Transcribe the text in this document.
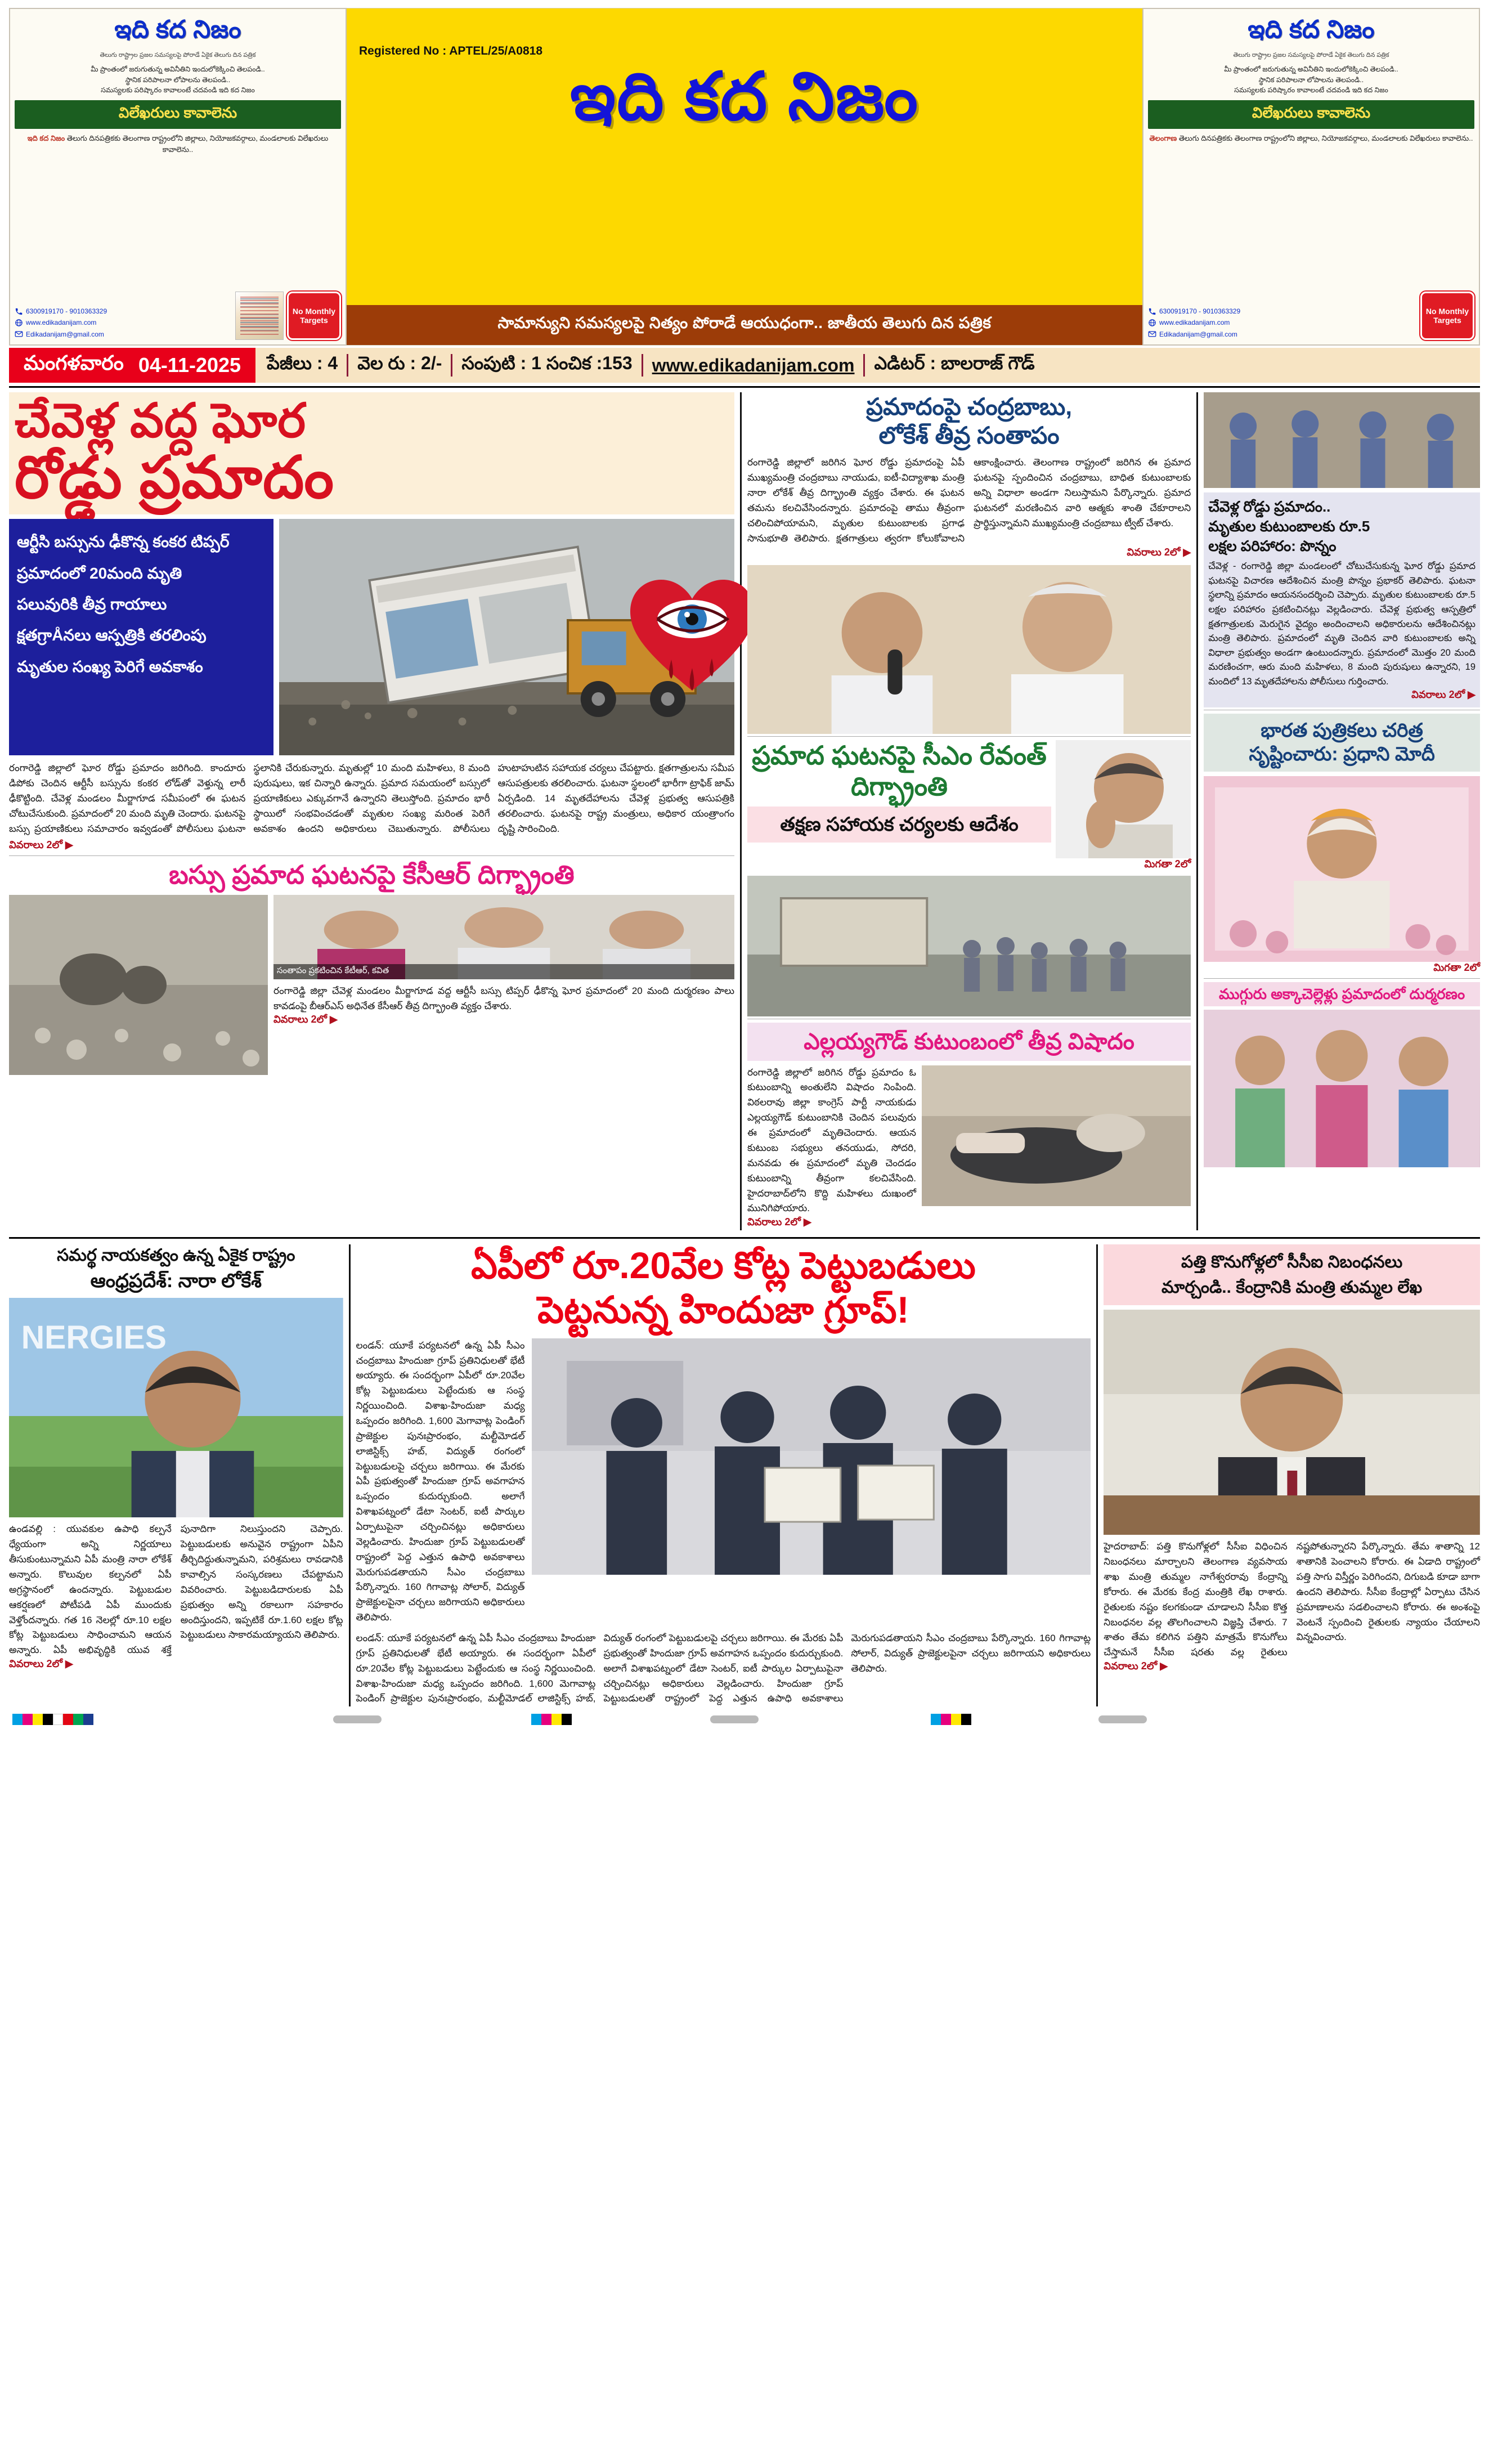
ఇది కద నిజం
తెలుగు రాష్ట్రాల ప్రజల సమస్యలపై పోరాడే ఏకైక తెలుగు దిన పత్రిక
మీ ప్రాంతంలో జరుగుతున్న అవినీతిని ఇందులోకెక్కించి తెలపండి..
స్థానిక పరిపాలనా లోపాలను తెలపండి..
సమస్యలకు పరిష్కారం కావాలంటే చదవండి ఇది కద నిజం
విలేఖరులు కావాలెను
ఇది కద నిజం తెలుగు దినపత్రికకు తెలంగాణ రాష్ట్రంలోని జిల్లాలు, నియోజకవర్గాలు, మండలాలకు విలేఖరులు కావాలెను..
6300919170 - 9010363329
www.edikadanijam.com
Edikadanijam@gmail.com
No Monthly Targets
Registered No : APTEL/25/A0818
ఇది కద నిజం
సామాన్యుని సమస్యలపై నిత్యం పోరాడే ఆయుధంగా.. జాతీయ తెలుగు దిన పత్రిక
ఇది కద నిజం
తెలుగు రాష్ట్రాల ప్రజల సమస్యలపై పోరాడే ఏకైక తెలుగు దిన పత్రిక
మీ ప్రాంతంలో జరుగుతున్న అవినీతిని ఇందులోకెక్కించి తెలపండి..
స్థానిక పరిపాలనా లోపాలను తెలపండి..
సమస్యలకు పరిష్కారం కావాలంటే చదవండి ఇది కద నిజం
విలేఖరులు కావాలెను
తెలంగాణ తెలుగు దినపత్రికకు తెలంగాణ రాష్ట్రంలోని జిల్లాలు, నియోజకవర్గాలు, మండలాలకు విలేఖరులు కావాలెను..
6300919170 - 9010363329
www.edikadanijam.com
Edikadanijam@gmail.com
No Monthly Targets
మంగళవారం 04-11-2025 పేజీలు : 4 వెల రు : 2/- సంపుటి : 1 సంచిక :153 www.edikadanijam.com ఎడిటర్ : బాలరాజ్ గౌడ్
చేవెళ్ల వద్ద ఘోర
రోడ్డు ప్రమాదం
ఆర్టీసి బస్సును ఢీకొన్న కంకర టిప్పర్
ప్రమాదంలో 20మంది మృతి
పలువురికి తీవ్ర గాయాలు
క్షతగ్రాÅనలు ఆస్పత్రికి తరలింపు
మృతుల సంఖ్య పెరిగే అవకాశం
రంగారెడ్డి జిల్లాలో ఘోర రోడ్డు ప్రమాదం జరిగింది. కాందూరు డిపోకు చెందిన ఆర్టీసీ బస్సును కంకర లోడ్‌తో వెళ్తున్న లారీ ఢీకొట్టింది. చేవెళ్ల మండలం మీర్జాగూడ సమీపంలో ఈ ఘటన చోటుచేసుకుంది. ప్రమాదంలో 20 మంది మృతి చెందారు. ఘటనపై బస్సు ప్రయాణికులు సమాచారం ఇవ్వడంతో పోలీసులు ఘటనా స్థలానికి చేరుకున్నారు. మృతుల్లో 10 మంది మహిళలు, 8 మంది పురుషులు, ఇక చిన్నారి ఉన్నారు. ప్రమాద సమయంలో బస్సులో ప్రయాణికులు ఎక్కువగానే ఉన్నారని తెలుస్తోంది. ప్రమాదం భారీ స్థాయిలో సంభవించడంతో మృతుల సంఖ్య మరింత పెరిగే అవకాశం ఉందని అధికారులు చెబుతున్నారు. పోలీసులు హుటాహుటిన సహాయక చర్యలు చేపట్టారు. క్షతగాత్రులను సమీప ఆసుపత్రులకు తరలించారు. ఘటనా స్థలంలో భారీగా ట్రాఫిక్ జామ్ ఏర్పడింది. 14 మృతదేహాలను చేవెళ్ల ప్రభుత్వ ఆసుపత్రికి తరలించారు. ఘటనపై రాష్ట్ర మంత్రులు, అధికార యంత్రాంగం దృష్టి సారించింది.
వివరాలు 2లో ▶
బస్సు ప్రమాద ఘటనపై కేసీఆర్ దిగ్భ్రాంతి
సంతాపం ప్రకటించిన కేటీఆర్, కవిత
రంగారెడ్డి జిల్లా చేవెళ్ల మండలం మీర్జాగూడ వద్ద ఆర్టీసీ బస్సు టిప్పర్ ఢీకొన్న ఘోర ప్రమాదంలో 20 మంది దుర్మరణం పాలు కావడంపై బీఆర్ఎస్ అధినేత కేసీఆర్ తీవ్ర దిగ్భ్రాంతి వ్యక్తం చేశారు.
వివరాలు 2లో ▶
ప్రమాదంపై చంద్రబాబు,
లోకేశ్ తీవ్ర సంతాపం
రంగారెడ్డి జిల్లాలో జరిగిన ఘోర రోడ్డు ప్రమాదంపై ఏపీ ముఖ్యమంత్రి చంద్రబాబు నాయుడు, ఐటీ-విద్యాశాఖ మంత్రి నారా లోకేశ్ తీవ్ర దిగ్భ్రాంతి వ్యక్తం చేశారు. ఈ ఘటన తమను కలచివేసిందన్నారు. ప్రమాదంపై తాము తీవ్రంగా చలించిపోయామని, మృతుల కుటుంబాలకు ప్రగాఢ సానుభూతి తెలిపారు. క్షతగాత్రులు త్వరగా కోలుకోవాలని ఆకాంక్షించారు. తెలంగాణ రాష్ట్రంలో జరిగిన ఈ ప్రమాద ఘటనపై స్పందించిన చంద్రబాబు, బాధిత కుటుంబాలకు అన్ని విధాలా అండగా నిలుస్తామని పేర్కొన్నారు. ప్రమాద ఘటనలో మరణించిన వారి ఆత్మకు శాంతి చేకూరాలని ప్రార్థిస్తున్నామని ముఖ్యమంత్రి చంద్రబాబు ట్వీట్ చేశారు.
వివరాలు 2లో ▶
ప్రమాద ఘటనపై సీఎం రేవంత్ దిగ్భ్రాంతి
తక్షణ సహాయక చర్యలకు ఆదేశం
మిగతా 2లో
ఎల్లయ్యగౌడ్ కుటుంబంలో తీవ్ర విషాదం
రంగారెడ్డి జిల్లాలో జరిగిన రోడ్డు ప్రమాదం ఓ కుటుంబాన్ని అంతులేని విషాదం నింపింది. విఠలరావు జిల్లా కాంగ్రెస్ పార్టీ నాయకుడు ఎల్లయ్యగౌడ్ కుటుంబానికి చెందిన పలువురు ఈ ప్రమాదంలో మృతిచెందారు. ఆయన కుటుంబ సభ్యులు తనయుడు, సోదరి, మనవడు ఈ ప్రమాదంలో మృతి చెందడం కుటుంబాన్ని తీవ్రంగా కలచివేసింది. హైదరాబాద్‌లోని కొద్ది మహిళలు దుఃఖంలో మునిగిపోయారు.
వివరాలు 2లో ▶
చేవెళ్ల రోడ్డు ప్రమాదం..
మృతుల కుటుంబాలకు రూ.5
లక్షల పరిహారం: పొన్నం
చేవెళ్ల - రంగారెడ్డి జిల్లా మండలంలో చోటుచేసుకున్న ఘోర రోడ్డు ప్రమాద ఘటనపై విచారణ ఆదేశించిన మంత్రి పొన్నం ప్రభాకర్ తెలిపారు. ఘటనా స్థలాన్ని ప్రమాదం ఆయనసందర్శించి చెప్పారు. మృతుల కుటుంబాలకు రూ.5 లక్షల పరిహారం ప్రకటించినట్లు వెల్లడించారు. చేవెళ్ల ప్రభుత్వ ఆస్పత్రిలో క్షతగాత్రులకు మెరుగైన వైద్యం అందించాలని అధికారులను ఆదేశించినట్లు మంత్రి తెలిపారు. ప్రమాదంలో మృతి చెందిన వారి కుటుంబాలకు అన్ని విధాలా ప్రభుత్వం అండగా ఉంటుందన్నారు. ప్రమాదంలో మొత్తం 20 మంది మరణించగా, ఆరు మంది మహిళలు, 8 మంది పురుషులు ఉన్నారని, 19 మందిలో 13 మృతదేహాలను పోలీసులు గుర్తించారు.
వివరాలు 2లో ▶
భారత పుత్రికలు చరిత్ర
సృష్టించారు: ప్రధాని మోదీ
మిగతా 2లో
ముగ్గురు అక్కాచెల్లెళ్లు ప్రమాదంలో దుర్మరణం
సమర్థ నాయకత్వం ఉన్న ఏకైక రాష్ట్రం
ఆంధ్రప్రదేశ్: నారా లోకేశ్
NERGIES
ఉండవల్లి : యువకుల ఉపాధి కల్పనే ధ్యేయంగా అన్ని నిర్ణయాలు తీసుకుంటున్నామని ఏపీ మంత్రి నారా లోకేశ్ అన్నారు. కొలువుల కల్పనలో ఏపీ అగ్రస్థానంలో ఉందన్నారు. పెట్టుబడుల ఆకర్షణలో పోటీపడి ఏపీ ముందుకు వెళ్తోందన్నారు. గత 16 నెలల్లో రూ.10 లక్షల కోట్ల పెట్టుబడులు సాధించామని ఆయన అన్నారు. ఏపీ అభివృద్ధికి యువ శక్తే పునాదిగా నిలుస్తుందని చెప్పారు. పెట్టుబడులకు అనువైన రాష్ట్రంగా ఏపీని తీర్చిదిద్దుతున్నామని, పరిశ్రమలు రావడానికి కావాల్సిన సంస్కరణలు చేపట్టామని వివరించారు. పెట్టుబడిదారులకు ఏపీ ప్రభుత్వం అన్ని రకాలుగా సహకారం అందిస్తుందని, ఇప్పటికే రూ.1.60 లక్షల కోట్ల పెట్టుబడులు సాకారమయ్యాయని తెలిపారు.
వివరాలు 2లో ▶
ఏపీలో రూ.20వేల కోట్ల పెట్టుబడులు
పెట్టనున్న హిందుజా గ్రూప్!
లండన్: యూకే పర్యటనలో ఉన్న ఏపీ సీఎం చంద్రబాబు హిందుజా గ్రూప్ ప్రతినిధులతో భేటీ అయ్యారు. ఈ సందర్భంగా ఏపీలో రూ.20వేల కోట్ల పెట్టుబడులు పెట్టేందుకు ఆ సంస్థ నిర్ణయించింది. విశాఖ-హిందుజా మధ్య ఒప్పందం జరిగింది. 1,600 మెగావాట్ల పెండింగ్ ప్రాజెక్టుల పునఃప్రారంభం, మల్టీమోడల్ లాజిస్టిక్స్ హబ్, విద్యుత్ రంగంలో పెట్టుబడులపై చర్చలు జరిగాయి. ఈ మేరకు ఏపీ ప్రభుత్వంతో హిందుజా గ్రూప్ అవగాహన ఒప్పందం కుదుర్చుకుంది. అలాగే విశాఖపట్నంలో డేటా సెంటర్, ఐటీ పార్కుల ఏర్పాటుపైనా చర్చించినట్లు అధికారులు వెల్లడించారు. హిందుజా గ్రూప్ పెట్టుబడులతో రాష్ట్రంలో పెద్ద ఎత్తున ఉపాధి అవకాశాలు మెరుగుపడతాయని సీఎం చంద్రబాబు పేర్కొన్నారు. 160 గిగావాట్ల సోలార్, విద్యుత్ ప్రాజెక్టులపైనా చర్చలు జరిగాయని అధికారులు తెలిపారు.
లండన్: యూకే పర్యటనలో ఉన్న ఏపీ సీఎం చంద్రబాబు హిందుజా గ్రూప్ ప్రతినిధులతో భేటీ అయ్యారు. ఈ సందర్భంగా ఏపీలో రూ.20వేల కోట్ల పెట్టుబడులు పెట్టేందుకు ఆ సంస్థ నిర్ణయించింది. విశాఖ-హిందుజా మధ్య ఒప్పందం జరిగింది. 1,600 మెగావాట్ల పెండింగ్ ప్రాజెక్టుల పునఃప్రారంభం, మల్టీమోడల్ లాజిస్టిక్స్ హబ్, విద్యుత్ రంగంలో పెట్టుబడులపై చర్చలు జరిగాయి. ఈ మేరకు ఏపీ ప్రభుత్వంతో హిందుజా గ్రూప్ అవగాహన ఒప్పందం కుదుర్చుకుంది. అలాగే విశాఖపట్నంలో డేటా సెంటర్, ఐటీ పార్కుల ఏర్పాటుపైనా చర్చించినట్లు అధికారులు వెల్లడించారు. హిందుజా గ్రూప్ పెట్టుబడులతో రాష్ట్రంలో పెద్ద ఎత్తున ఉపాధి అవకాశాలు మెరుగుపడతాయని సీఎం చంద్రబాబు పేర్కొన్నారు. 160 గిగావాట్ల సోలార్, విద్యుత్ ప్రాజెక్టులపైనా చర్చలు జరిగాయని అధికారులు తెలిపారు.
పత్తి కొనుగోళ్లలో సీసీఐ నిబంధనలు
మార్చండి.. కేంద్రానికి మంత్రి తుమ్మల లేఖ
హైదరాబాద్: పత్తి కొనుగోళ్లలో సీసీఐ విధించిన నిబంధనలు మార్చాలని తెలంగాణ వ్యవసాయ శాఖ మంత్రి తుమ్మల నాగేశ్వరరావు కేంద్రాన్ని కోరారు. ఈ మేరకు కేంద్ర మంత్రికి లేఖ రాశారు. రైతులకు నష్టం కలగకుండా చూడాలని సీసీఐ కొత్త నిబంధనల వల్ల తొలగించాలని విజ్ఞప్తి చేశారు. 7 శాతం తేమ కలిగిన పత్తిని మాత్రమే కొనుగోలు చేస్తామనే సీసీఐ షరతు వల్ల రైతులు నష్టపోతున్నారని పేర్కొన్నారు. తేమ శాతాన్ని 12 శాతానికి పెంచాలని కోరారు. ఈ ఏడాది రాష్ట్రంలో పత్తి సాగు విస్తీర్ణం పెరిగిందని, దిగుబడి కూడా బాగా ఉందని తెలిపారు. సీసీఐ కేంద్రాల్లో ఏర్పాటు చేసిన ప్రమాణాలను సడలించాలని కోరారు. ఈ అంశంపై వెంటనే స్పందించి రైతులకు న్యాయం చేయాలని విన్నవించారు.
వివరాలు 2లో ▶
